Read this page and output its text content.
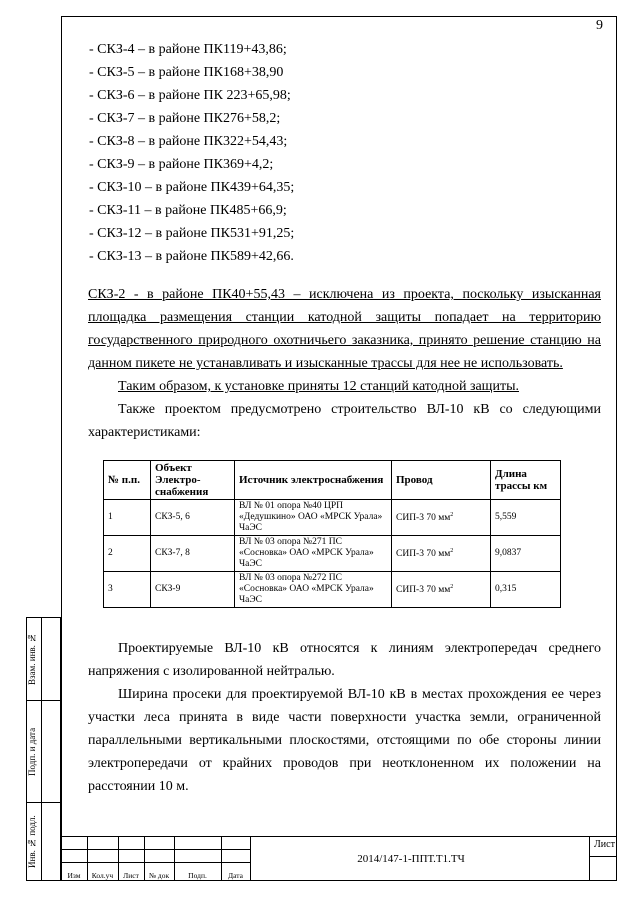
9
- СКЗ-4 – в районе ПК119+43,86;
- СКЗ-5 – в районе ПК168+38,90
- СКЗ-6 – в районе ПК 223+65,98;
- СКЗ-7 – в районе ПК276+58,2;
- СКЗ-8 – в районе ПК322+54,43;
- СКЗ-9 – в районе ПК369+4,2;
- СКЗ-10 – в районе ПК439+64,35;
- СКЗ-11 – в районе ПК485+66,9;
- СКЗ-12 – в районе ПК531+91,25;
- СКЗ-13 – в районе ПК589+42,66.

СКЗ-2 - в районе ПК40+55,43 – исключена из проекта, поскольку изысканная площадка размещения станции катодной защиты попадает на территорию государственного природного охотничьего заказника, принято решение станцию на данном пикете не устанавливать и изысканные трассы для нее не использовать.

Таким образом, к установке приняты 12 станций катодной защиты.

Также проектом предусмотрено строительство ВЛ-10 кВ со следующими характеристиками:

№ п.п.	Объект Электро-снабжения	Источник электроснабжения	Провод	Длина трассы км
1	СКЗ-5, 6	ВЛ № 01 опора №40 ЦРП «Дедушкино» ОАО «МРСК Урала» ЧаЭС	СИП-3 70 $мм^2$	5,559
2	СКЗ-7, 8	ВЛ № 03 опора №271 ПС «Сосновка» ОАО «МРСК Урала» ЧаЭС	СИП-3 70 $мм^2$	9,0837
3	СКЗ-9	ВЛ № 03 опора №272 ПС «Сосновка» ОАО «МРСК Урала» ЧаЭС	СИП-3 70 $мм^2$	0,315

Проектируемые ВЛ-10 кВ относятся к линиям электропередач среднего напряжения с изолированной нейтралью.

Ширина просеки для проектируемой ВЛ-10 кВ в местах прохождения ее через участки леса принята в виде части поверхности участка земли, ограниченной параллельными вертикальными плоскостями, отстоящими по обе стороны линии электропередачи от крайних проводов при неотклоненном их положении на расстоянии 10 м.

Взам. инв. №
Подп. и дата
Инв. № подл.
Изм	Кол.уч	Лист	№ док	Подп.	Дата
2014/147-1-ППТ.Т1.ТЧ
Лист
